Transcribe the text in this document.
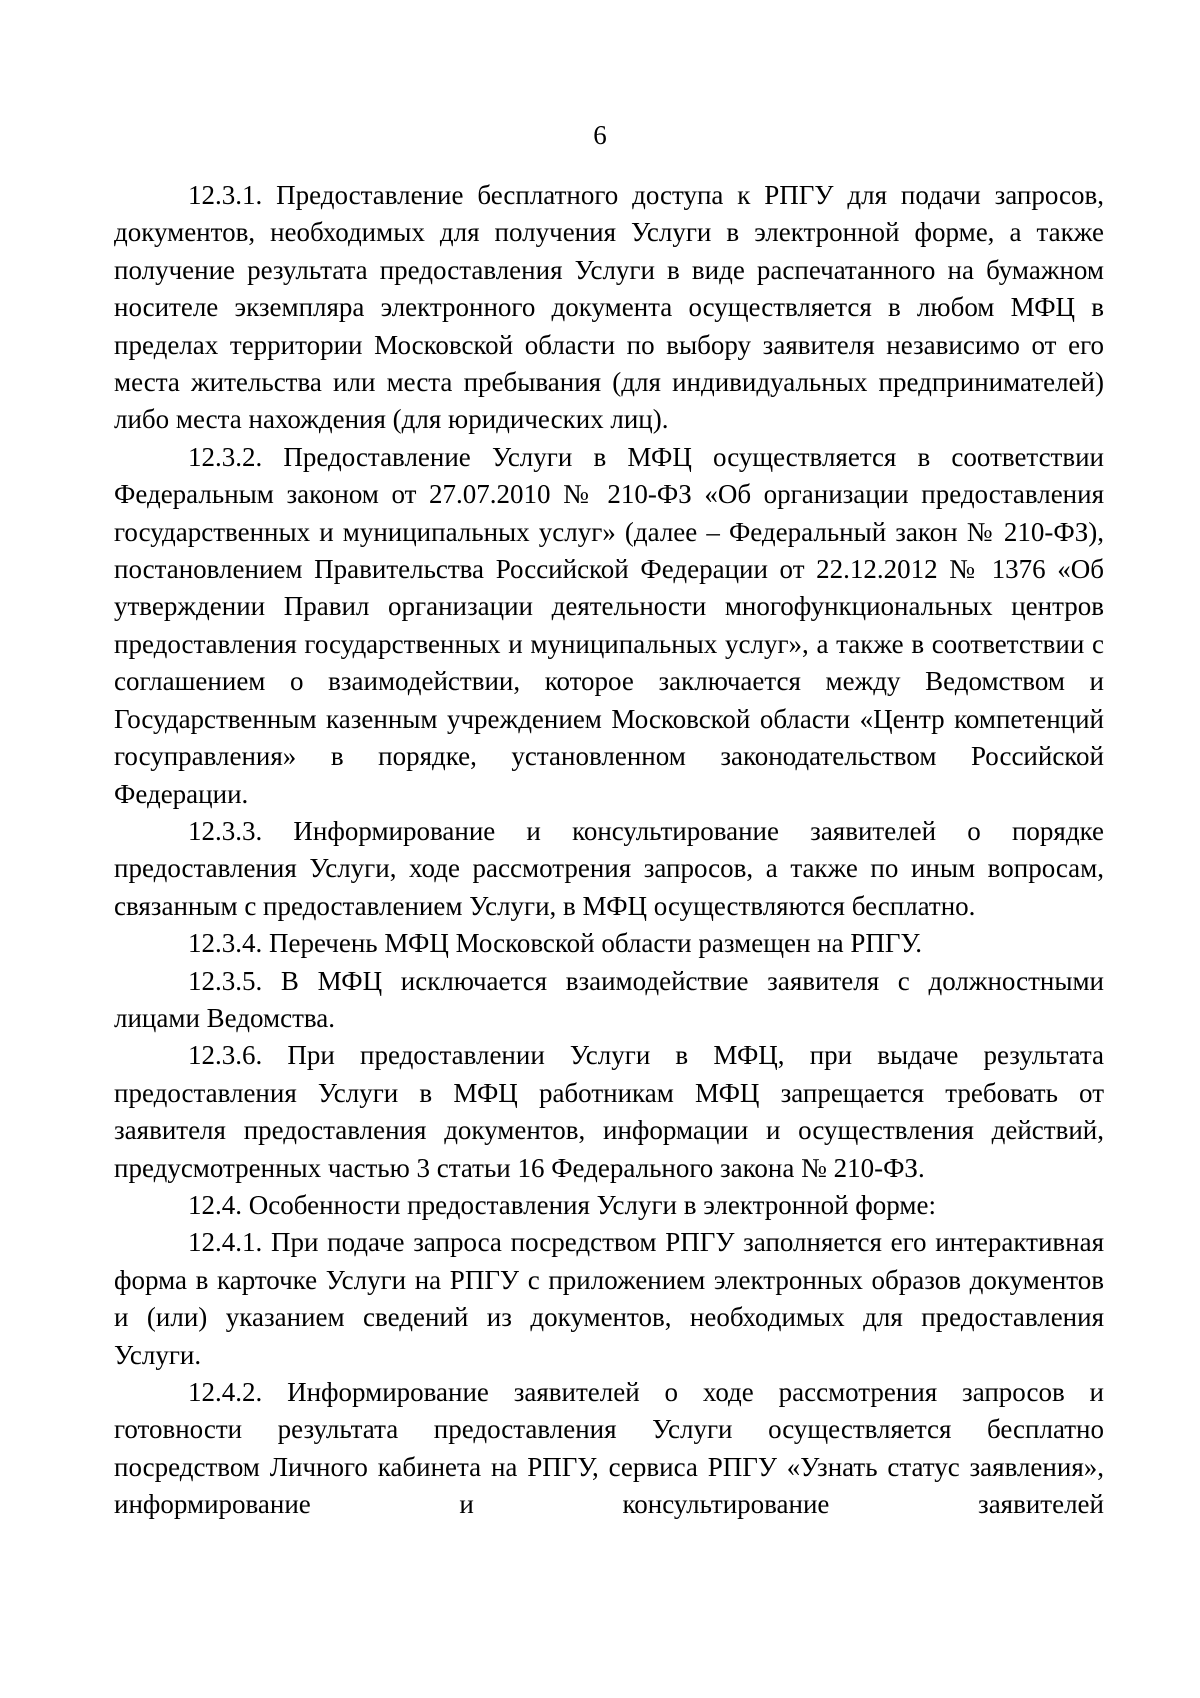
6

12.3.1. Предоставление бесплатного доступа к РПГУ для подачи запросов, документов, необходимых для получения Услуги в электронной форме, а также получение результата предоставления Услуги в виде распечатанного на бумажном носителе экземпляра электронного документа осуществляется в любом МФЦ в пределах территории Московской области по выбору заявителя независимо от его места жительства или места пребывания (для индивидуальных предпринимателей) либо места нахождения (для юридических лиц).

12.3.2. Предоставление Услуги в МФЦ осуществляется в соответствии Федеральным законом от 27.07.2010 № 210-ФЗ «Об организации предоставления государственных и муниципальных услуг» (далее – Федеральный закон № 210-ФЗ), постановлением Правительства Российской Федерации от 22.12.2012 № 1376 «Об утверждении Правил организации деятельности многофункциональных центров предоставления государственных и муниципальных услуг», а также в соответствии с соглашением о взаимодействии, которое заключается между Ведомством и Государственным казенным учреждением Московской области «Центр компетенций госуправления» в порядке, установленном законодательством Российской Федерации.

12.3.3. Информирование и консультирование заявителей о порядке предоставления Услуги, ходе рассмотрения запросов, а также по иным вопросам, связанным с предоставлением Услуги, в МФЦ осуществляются бесплатно.

12.3.4. Перечень МФЦ Московской области размещен на РПГУ.

12.3.5. В МФЦ исключается взаимодействие заявителя с должностными лицами Ведомства.

12.3.6. При предоставлении Услуги в МФЦ, при выдаче результата предоставления Услуги в МФЦ работникам МФЦ запрещается требовать от заявителя предоставления документов, информации и осуществления действий, предусмотренных частью 3 статьи 16 Федерального закона № 210-ФЗ.

12.4. Особенности предоставления Услуги в электронной форме:

12.4.1. При подаче запроса посредством РПГУ заполняется его интерактивная форма в карточке Услуги на РПГУ с приложением электронных образов документов и (или) указанием сведений из документов, необходимых для предоставления Услуги.

12.4.2. Информирование заявителей о ходе рассмотрения запросов и готовности результата предоставления Услуги осуществляется бесплатно посредством Личного кабинета на РПГУ, сервиса РПГУ «Узнать статус заявления», информирование и консультирование заявителей
